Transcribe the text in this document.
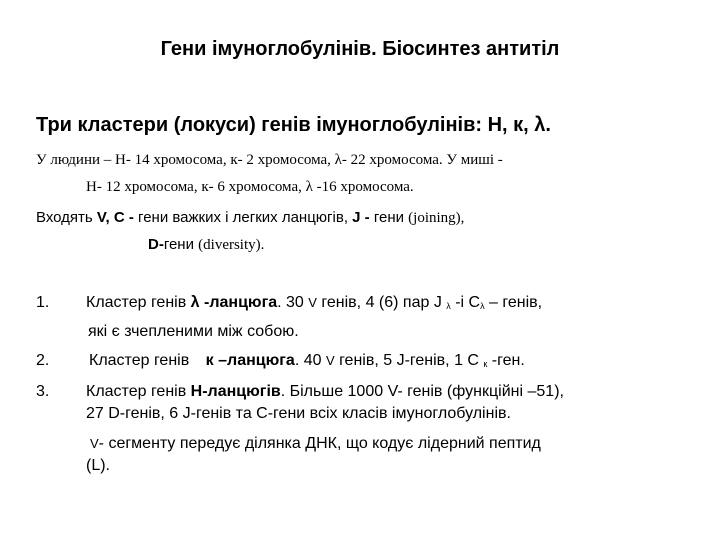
Гени імуноглобулінів. Біосинтез антитіл
Три кластери (локуси) генів імуноглобулінів: H, к, λ.
У людини – Н- 14 хромосома, к- 2 хромосома, λ- 22 хромосома. У миші -
Н- 12 хромосома, к- 6 хромосома, λ -16 хромосома.
Входять V, C - гени важких і легких ланцюгів, J - гени (joining),
D-гени (diversity).
1. Кластер генів λ -ланцюга. 30 V генів, 4 (6) пар J $_\lambda$ -і $C_\lambda$ – генів,
які є зчепленими між собою.
2. Кластер генів к –ланцюга. 40 V генів, 5 J-генів, 1 С $_к$ -ген.
3. Кластер генів Н-ланцюгів. Більше 1000 V- генів (функційні –51),
27 D-генів, 6 J-генів та С-гени всіх класів імуноглобулінів.
V- сегменту передує ділянка ДНК, що кодує лідерний пептид
(L).
